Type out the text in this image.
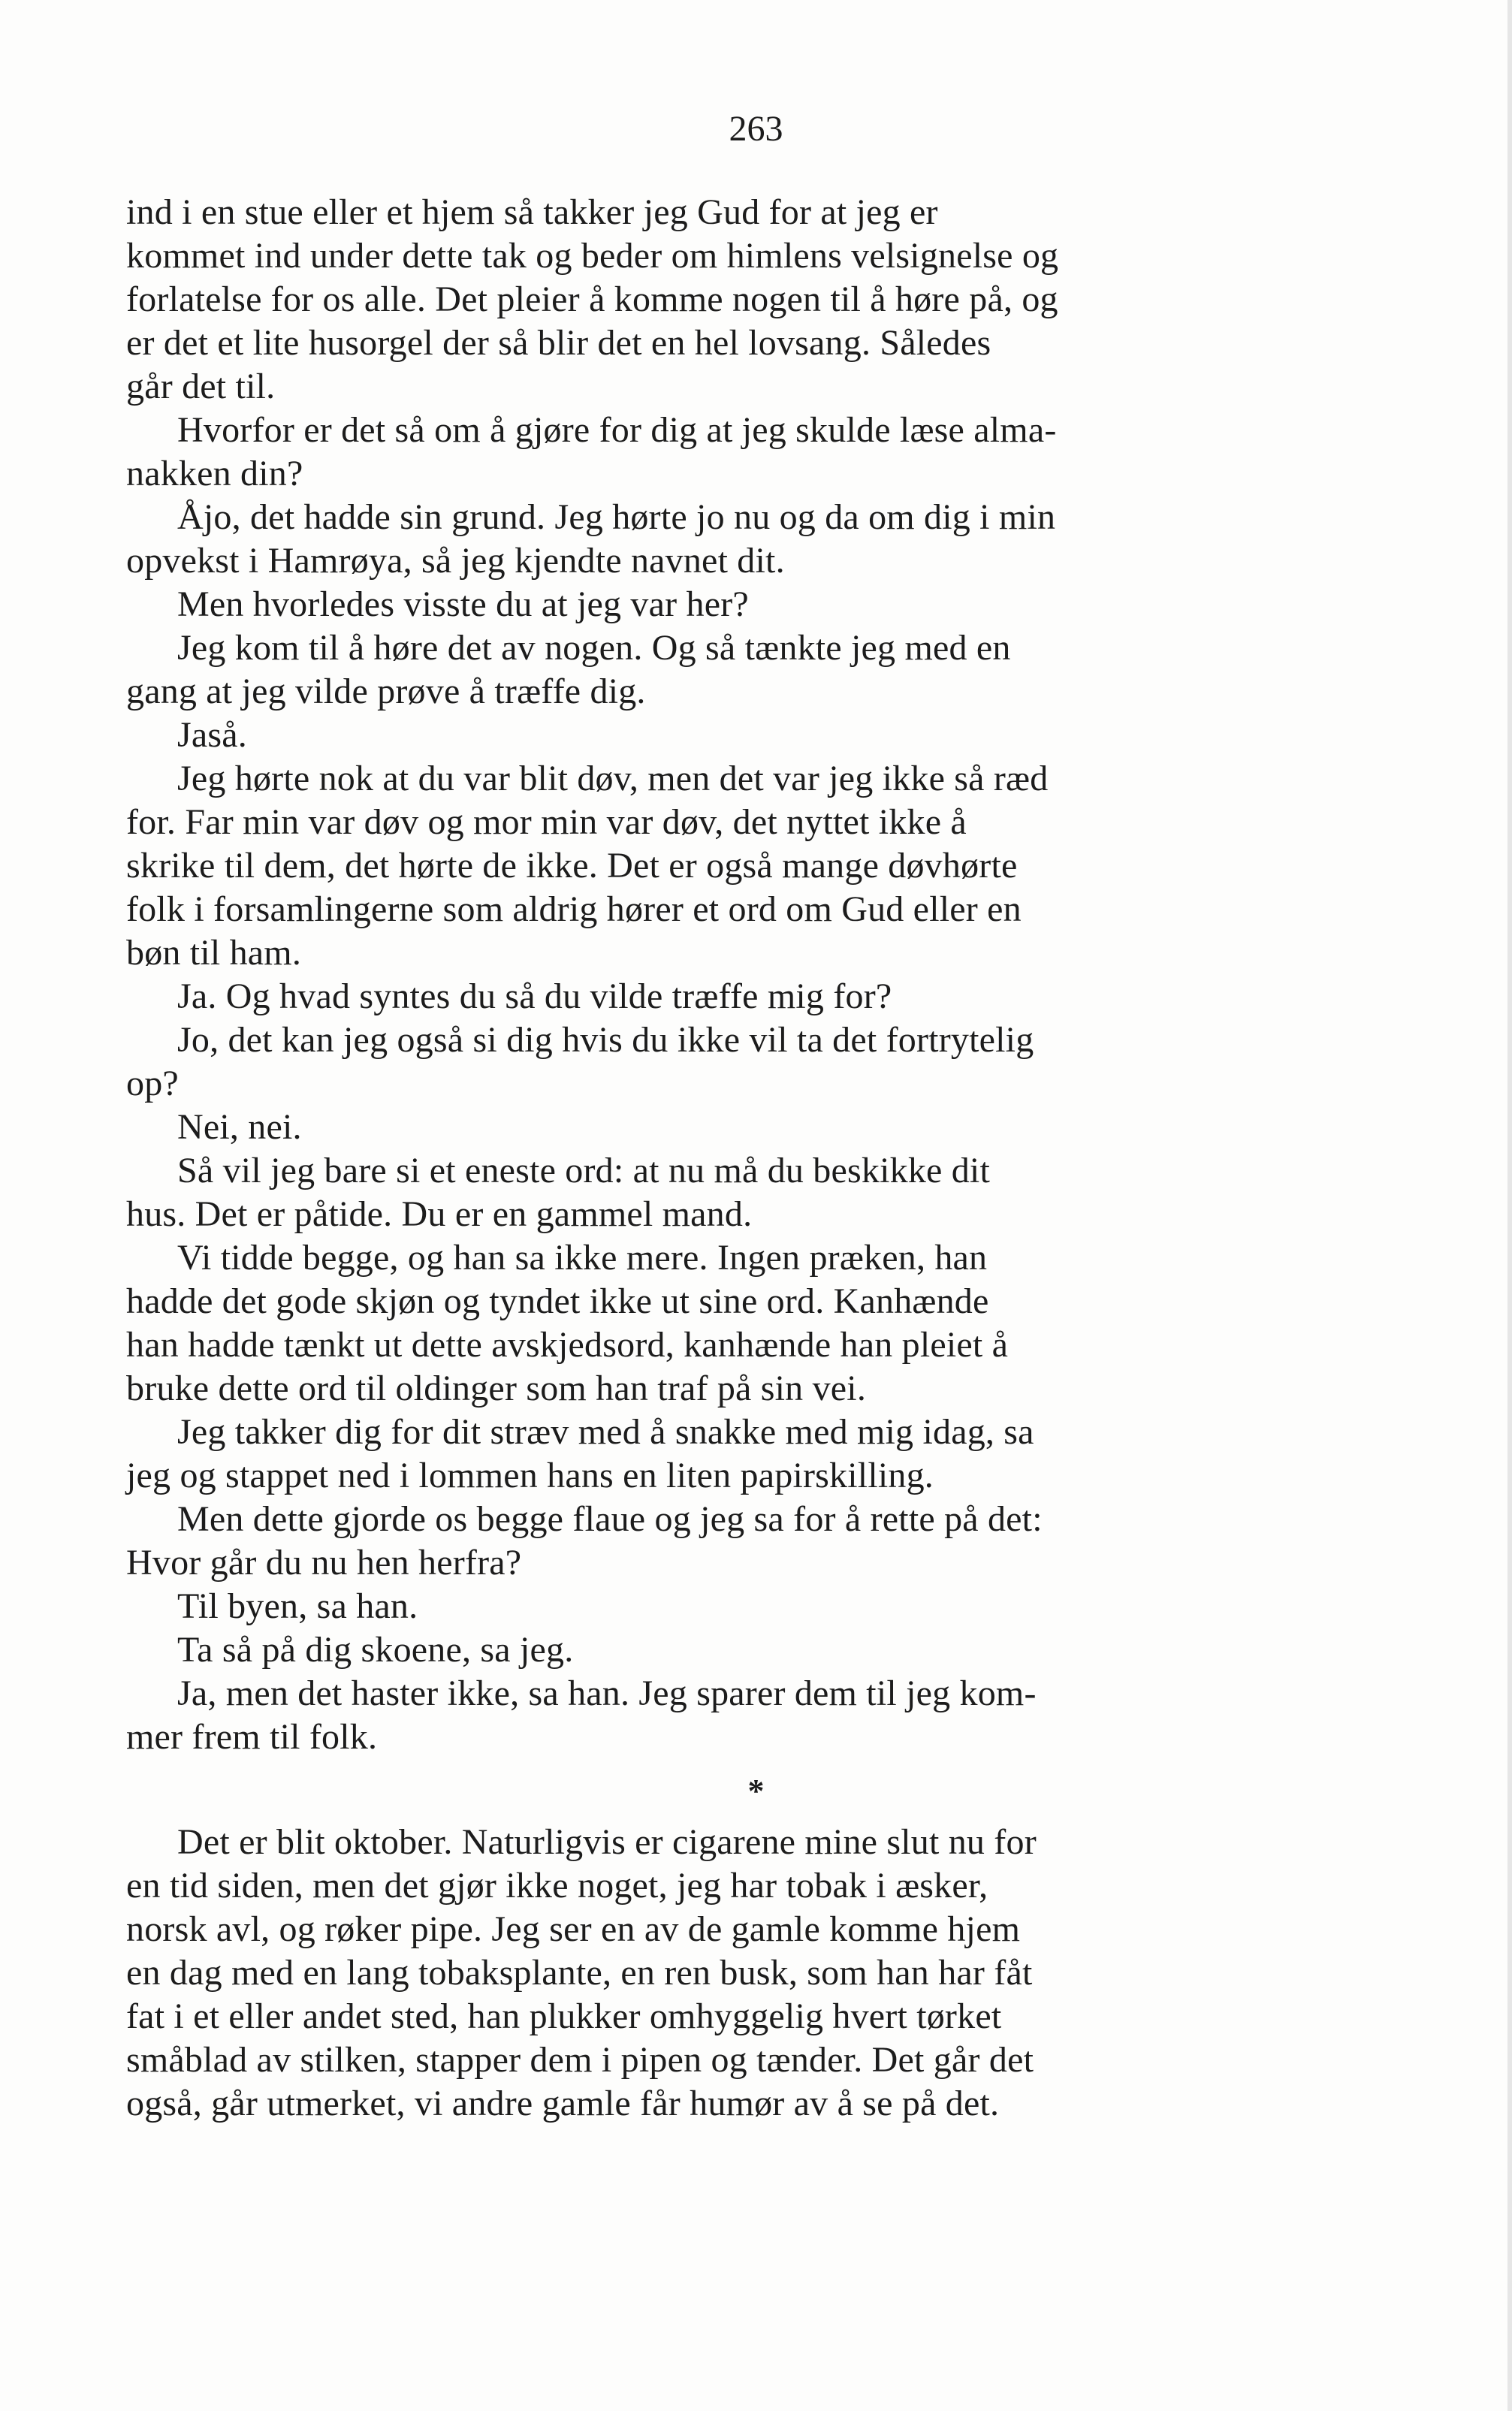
263
ind i en stue eller et hjem så takker jeg Gud for at jeg er
kommet ind under dette tak og beder om himlens velsignelse og
forlatelse for os alle. Det pleier å komme nogen til å høre på, og
er det et lite husorgel der så blir det en hel lovsang. Således
går det til.
Hvorfor er det så om å gjøre for dig at jeg skulde læse alma-
nakken din?
Åjo, det hadde sin grund. Jeg hørte jo nu og da om dig i min
opvekst i Hamrøya, så jeg kjendte navnet dit.
Men hvorledes visste du at jeg var her?
Jeg kom til å høre det av nogen. Og så tænkte jeg med en
gang at jeg vilde prøve å træffe dig.
Jaså.
Jeg hørte nok at du var blit døv, men det var jeg ikke så ræd
for. Far min var døv og mor min var døv, det nyttet ikke å
skrike til dem, det hørte de ikke. Det er også mange døvhørte
folk i forsamlingerne som aldrig hører et ord om Gud eller en
bøn til ham.
Ja. Og hvad syntes du så du vilde træffe mig for?
Jo, det kan jeg også si dig hvis du ikke vil ta det fortrytelig
op?
Nei, nei.
Så vil jeg bare si et eneste ord: at nu må du beskikke dit
hus. Det er påtide. Du er en gammel mand.
Vi tidde begge, og han sa ikke mere. Ingen præken, han
hadde det gode skjøn og tyndet ikke ut sine ord. Kanhænde
han hadde tænkt ut dette avskjedsord, kanhænde han pleiet å
bruke dette ord til oldinger som han traf på sin vei.
Jeg takker dig for dit stræv med å snakke med mig idag, sa
jeg og stappet ned i lommen hans en liten papirskilling.
Men dette gjorde os begge flaue og jeg sa for å rette på det:
Hvor går du nu hen herfra?
Til byen, sa han.
Ta så på dig skoene, sa jeg.
Ja, men det haster ikke, sa han. Jeg sparer dem til jeg kom-
mer frem til folk.
*
Det er blit oktober. Naturligvis er cigarene mine slut nu for
en tid siden, men det gjør ikke noget, jeg har tobak i æsker,
norsk avl, og røker pipe. Jeg ser en av de gamle komme hjem
en dag med en lang tobaksplante, en ren busk, som han har fåt
fat i et eller andet sted, han plukker omhyggelig hvert tørket
småblad av stilken, stapper dem i pipen og tænder. Det går det
også, går utmerket, vi andre gamle får humør av å se på det.
